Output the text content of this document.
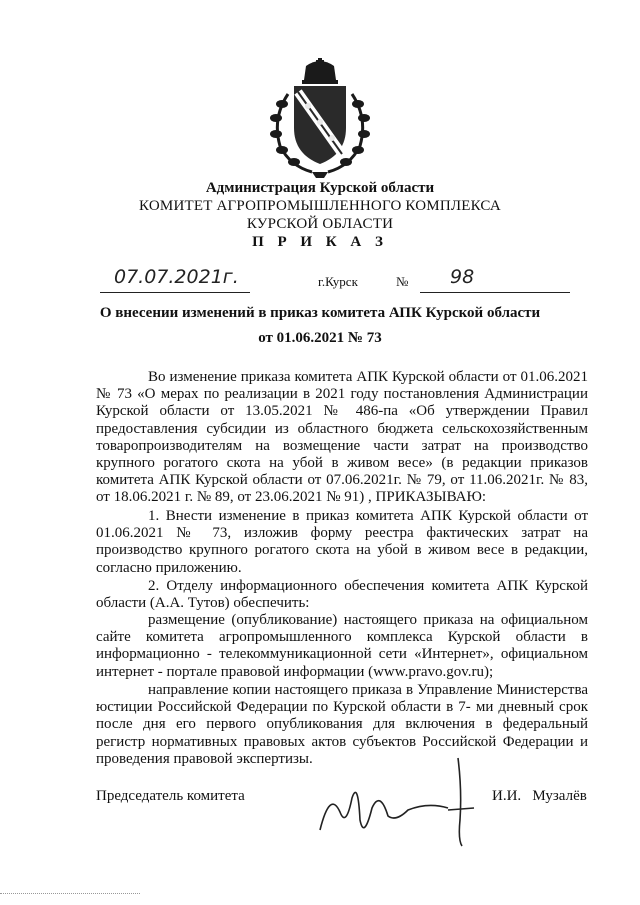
Администрация Курской области
КОМИТЕТ АГРОПРОМЫШЛЕННОГО КОМПЛЕКСА
КУРСКОЙ ОБЛАСТИ
П Р И К А З
07.07.2021г.	г.Курск	№ 98
О внесении изменений в приказ комитета АПК Курской области
от 01.06.2021 № 73
Во изменение приказа комитета АПК Курской области от 01.06.2021 № 73 «О мерах по реализации в 2021 году постановления Администрации Курской области от 13.05.2021 № 486-па «Об утверждении Правил предоставления субсидии из областного бюджета сельскохозяйственным товаропроизводителям на возмещение части затрат на производство крупного рогатого скота на убой в живом весе» (в редакции приказов комитета АПК Курской области от 07.06.2021г. № 79, от 11.06.2021г. № 83, от 18.06.2021 г. № 89, от 23.06.2021 № 91) , ПРИКАЗЫВАЮ:
1. Внести изменение в приказ комитета АПК Курской области от 01.06.2021 № 73, изложив форму реестра фактических затрат на производство крупного рогатого скота на убой в живом весе в редакции, согласно приложению.
2. Отделу информационного обеспечения комитета АПК Курской области (А.А. Тутов) обеспечить:
размещение (опубликование) настоящего приказа на официальном сайте комитета агропромышленного комплекса Курской области в информационно - телекоммуникационной сети «Интернет», официальном интернет - портале правовой информации (www.pravo.gov.ru);
направление копии настоящего приказа в Управление Министерства юстиции Российской Федерации по Курской области в 7- ми дневный срок после дня его первого опубликования для включения в федеральный регистр нормативных правовых актов субъектов Российской Федерации и проведения правовой экспертизы.
Председатель комитета	И.И.   Музалёв
